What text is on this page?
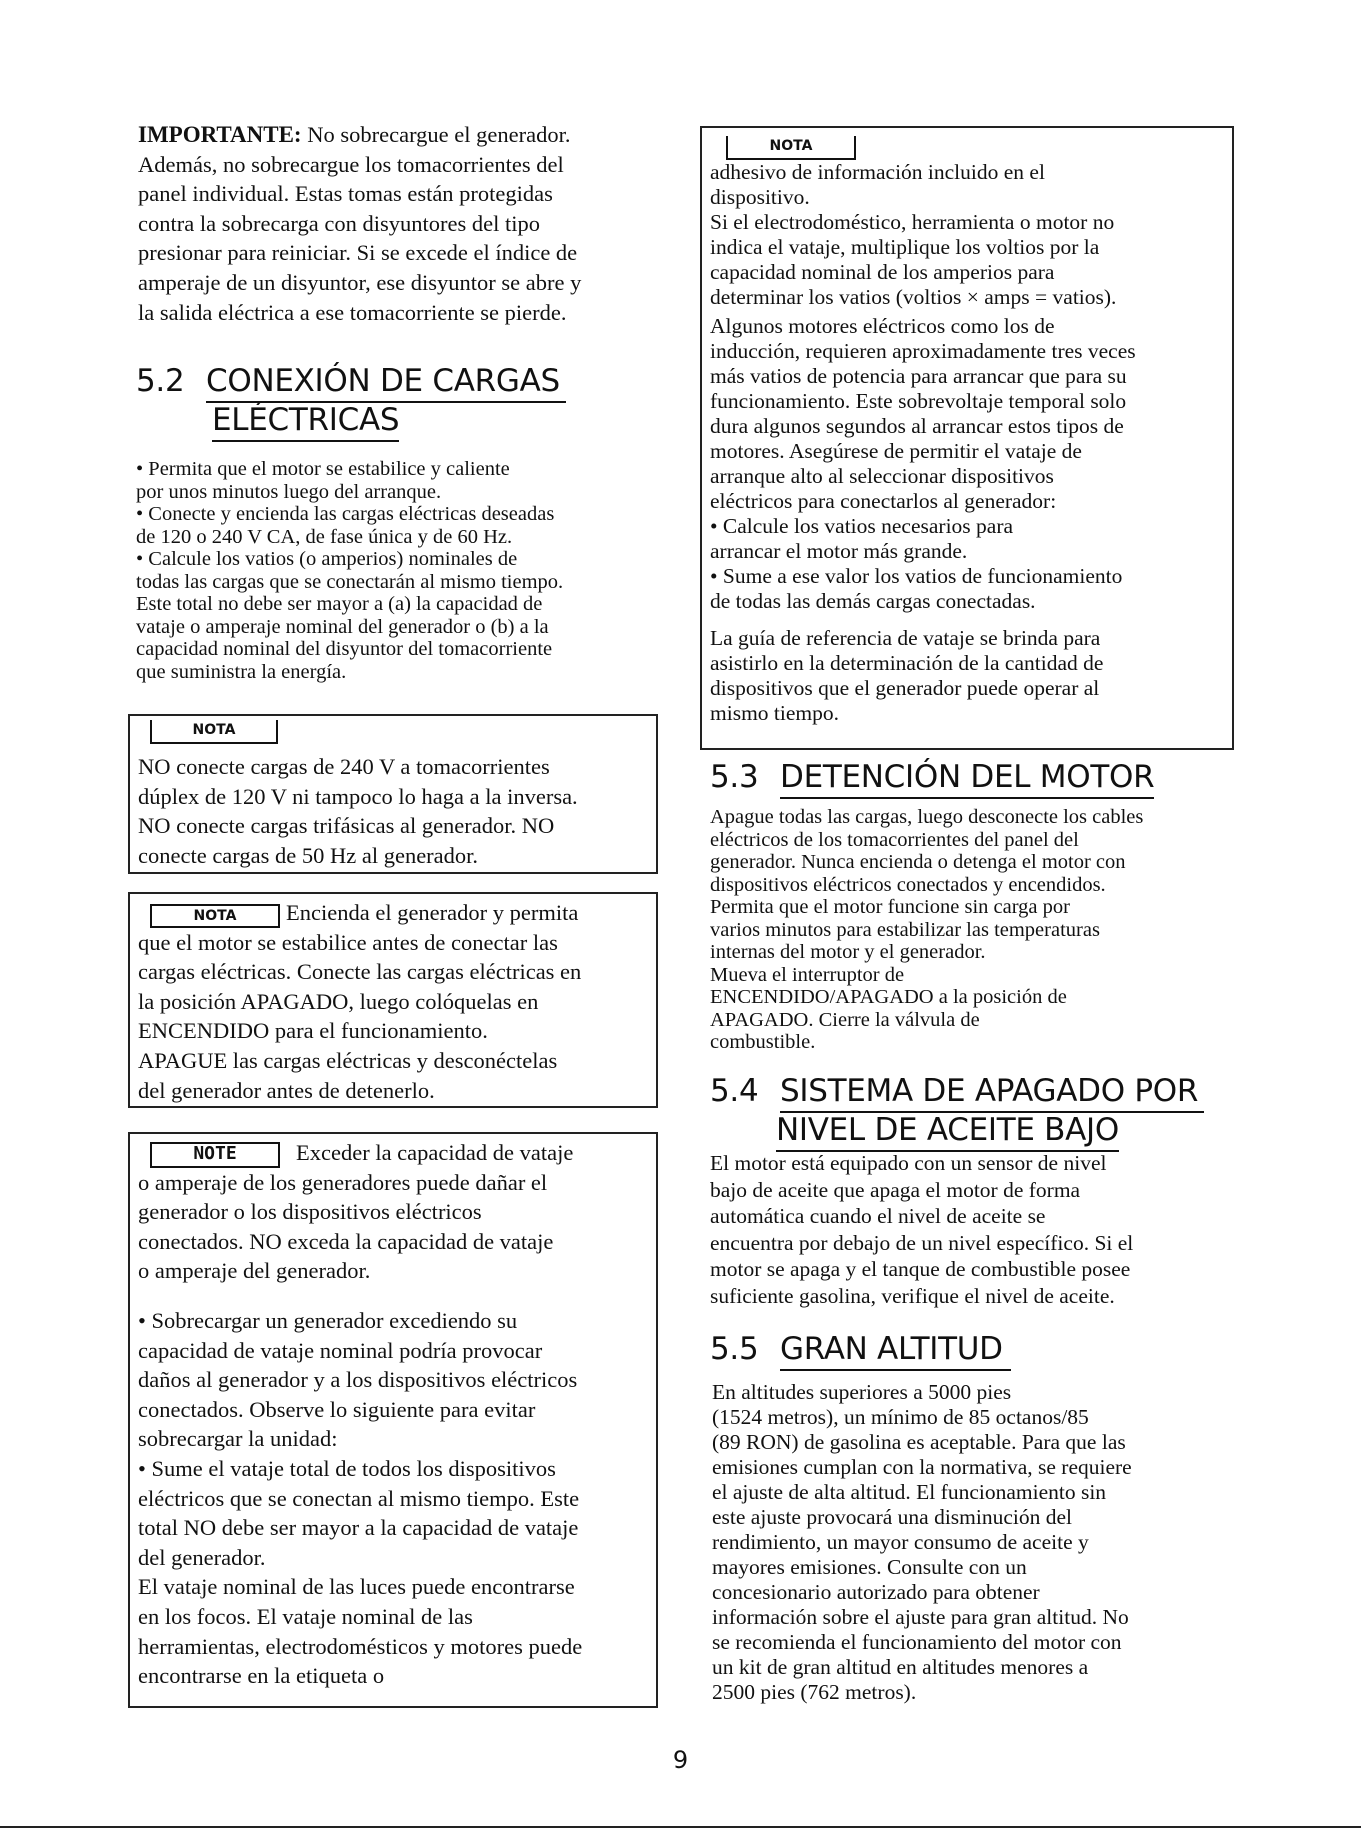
IMPORTANTE: No sobrecargue el generador.

Además, no sobrecargue los tomacorrientes del
panel individual. Estas tomas están protegidas
contra la sobrecarga con disyuntores del tipo
presionar para reiniciar. Si se excede el índice de
amperaje de un disyuntor, ese disyuntor se abre y
la salida eléctrica a ese tomacorriente se pierde.
5.2 CONEXIÓN DE CARGAS
ELÉCTRICAS
• Permita que el motor se estabilice y caliente
por unos minutos luego del arranque.
• Conecte y encienda las cargas eléctricas deseadas
de 120 o 240 V CA, de fase única y de 60 Hz.
• Calcule los vatios (o amperios) nominales de
todas las cargas que se conectarán al mismo tiempo.
Este total no debe ser mayor a (a) la capacidad de
vataje o amperaje nominal del generador o (b) a la
capacidad nominal del disyuntor del tomacorriente
que suministra la energía.
NOTA
NO conecte cargas de 240 V a tomacorrientes
dúplex de 120 V ni tampoco lo haga a la inversa.
NO conecte cargas trifásicas al generador. NO
conecte cargas de 50 Hz al generador.
NOTA	Encienda el generador y permita

que el motor se estabilice antes de conectar las
cargas eléctricas. Conecte las cargas eléctricas en
la posición APAGADO, luego colóquelas en
ENCENDIDO para el funcionamiento.
APAGUE las cargas eléctricas y desconéctelas
del generador antes de detenerlo.
NOTE	Exceder la capacidad de vataje

o amperaje de los generadores puede dañar el
generador o los dispositivos eléctricos
conectados. NO exceda la capacidad de vataje
o amperaje del generador.
• Sobrecargar un generador excediendo su
capacidad de vataje nominal podría provocar
daños al generador y a los dispositivos eléctricos
conectados. Observe lo siguiente para evitar
sobrecargar la unidad:
• Sume el vataje total de todos los dispositivos
eléctricos que se conectan al mismo tiempo. Este
total NO debe ser mayor a la capacidad de vataje
del generador.
El vataje nominal de las luces puede encontrarse
en los focos. El vataje nominal de las
herramientas, electrodomésticos y motores puede
encontrarse en la etiqueta o
NOTA
adhesivo de información incluido en el
dispositivo.
Si el electrodoméstico, herramienta o motor no
indica el vataje, multiplique los voltios por la
capacidad nominal de los amperios para
determinar los vatios (voltios × amps = vatios).
Algunos motores eléctricos como los de
inducción, requieren aproximadamente tres veces
más vatios de potencia para arrancar que para su
funcionamiento. Este sobrevoltaje temporal solo
dura algunos segundos al arrancar estos tipos de
motores. Asegúrese de permitir el vataje de
arranque alto al seleccionar dispositivos
eléctricos para conectarlos al generador:
• Calcule los vatios necesarios para
arrancar el motor más grande.
• Sume a ese valor los vatios de funcionamiento
de todas las demás cargas conectadas.
La guía de referencia de vataje se brinda para
asistirlo en la determinación de la cantidad de
dispositivos que el generador puede operar al
mismo tiempo.
5.3 DETENCIÓN DEL MOTOR
Apague todas las cargas, luego desconecte los cables
eléctricos de los tomacorrientes del panel del
generador. Nunca encienda o detenga el motor con
dispositivos eléctricos conectados y encendidos.
Permita que el motor funcione sin carga por
varios minutos para estabilizar las temperaturas
internas del motor y el generador.
Mueva el interruptor de
ENCENDIDO/APAGADO a la posición de
APAGADO. Cierre la válvula de
combustible.
5.4 SISTEMA DE APAGADO POR
NIVEL DE ACEITE BAJO
El motor está equipado con un sensor de nivel
bajo de aceite que apaga el motor de forma
automática cuando el nivel de aceite se
encuentra por debajo de un nivel específico. Si el
motor se apaga y el tanque de combustible posee
suficiente gasolina, verifique el nivel de aceite.
5.5 GRAN ALTITUD
En altitudes superiores a 5000 pies
(1524 metros), un mínimo de 85 octanos/85
(89 RON) de gasolina es aceptable. Para que las
emisiones cumplan con la normativa, se requiere
el ajuste de alta altitud. El funcionamiento sin
este ajuste provocará una disminución del
rendimiento, un mayor consumo de aceite y
mayores emisiones. Consulte con un
concesionario autorizado para obtener
información sobre el ajuste para gran altitud. No
se recomienda el funcionamiento del motor con
un kit de gran altitud en altitudes menores a
2500 pies (762 metros).
9
